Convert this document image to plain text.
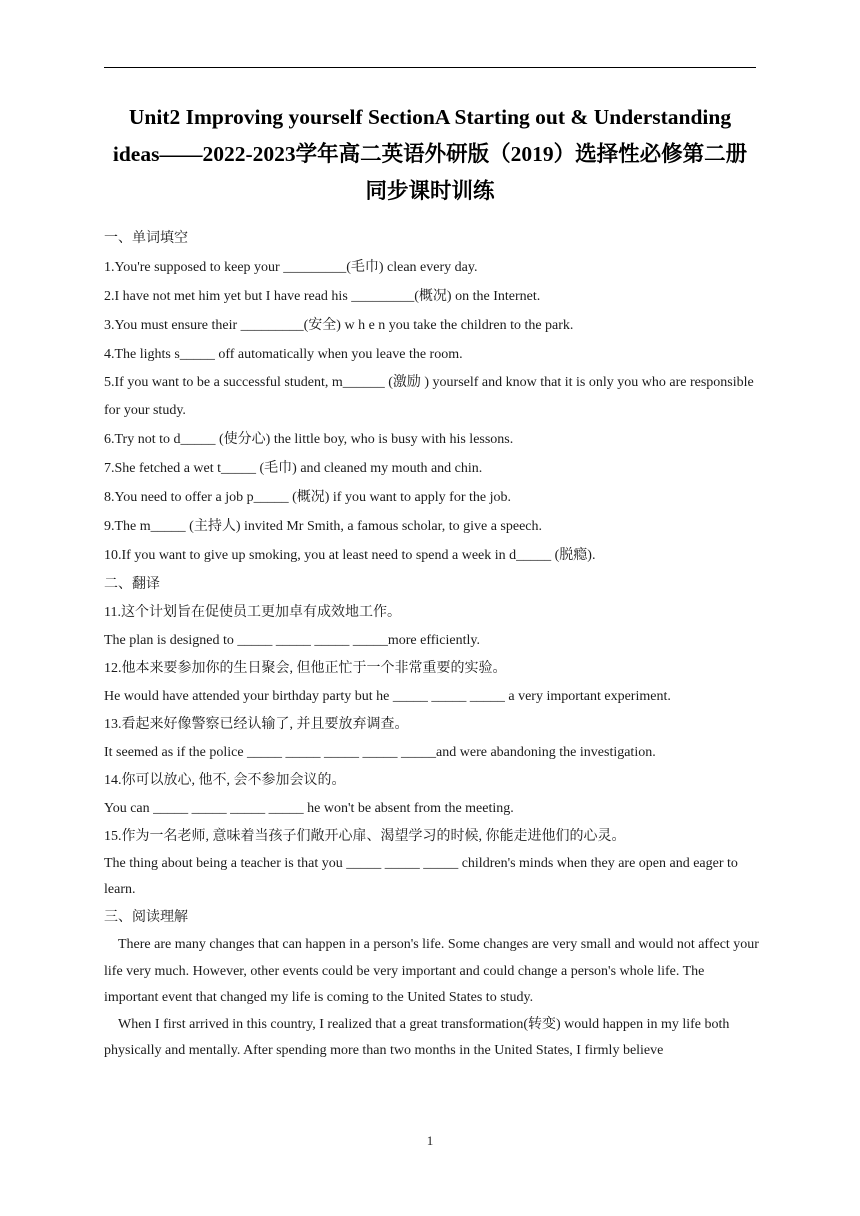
Unit2 Improving yourself SectionA Starting out & Understanding
ideas——2022-2023学年高二英语外研版（2019）选择性必修第二册
同步课时训练
一、单词填空
1.You're supposed to keep your _________(毛巾) clean every day.
2.I have not met him yet but I have read his _________(概况) on the Internet.
3.You must ensure their _________(安全) w h e n you take the children to the park.
4.The lights s_____ off automatically when you leave the room.
5.If you want to be a successful student, m______ (激励 ) yourself and know that it is only you who are responsible for your study.
6.Try not to d_____ (使分心) the little boy, who is busy with his lessons.
7.She fetched a wet t_____ (毛巾) and cleaned my mouth and chin.
8.You need to offer a job p_____ (概况) if you want to apply for the job.
9.The m_____ (主持人) invited Mr Smith, a famous scholar, to give a speech.
10.If you want to give up smoking, you at least need to spend a week in d_____ (脱瘾).
二、翻译
11.这个计划旨在促使员工更加卓有成效地工作。
The plan is designed to _____ _____ _____ _____more efficiently.
12.他本来要参加你的生日聚会, 但他正忙于一个非常重要的实验。
He would have attended your birthday party but he _____ _____ _____ a very important experiment.
13.看起来好像警察已经认输了, 并且要放弃调查。
It seemed as if the police _____ _____ _____ _____ _____and were abandoning the investigation.
14.你可以放心, 他不, 会不参加会议的。
You can _____ _____ _____ _____ he won't be absent from the meeting.
15.作为一名老师, 意味着当孩子们敞开心扉、渴望学习的时候, 你能走进他们的心灵。
The thing about being a teacher is that you _____ _____ _____ children's minds when they are open and eager to learn.
三、阅读理解
There are many changes that can happen in a person's life. Some changes are very small and would not affect your life very much. However, other events could be very important and could change a person's whole life. The important event that changed my life is coming to the United States to study.
When I first arrived in this country, I realized that a great transformation(转变) would happen in my life both physically and mentally. After spending more than two months in the United States, I firmly believe
1
